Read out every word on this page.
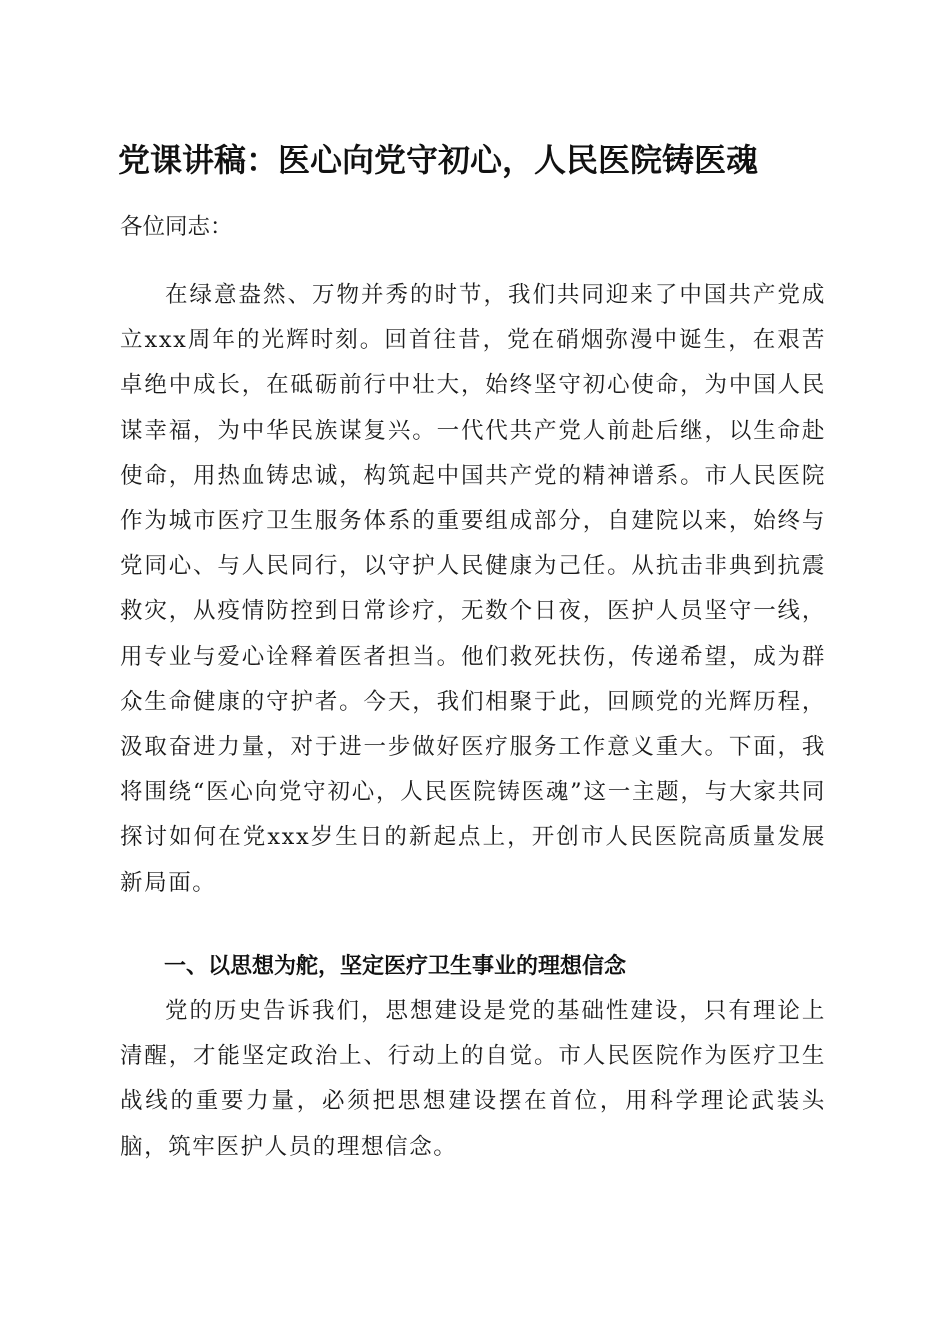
党课讲稿：医心向党守初心，人民医院铸医魂

各位同志：

在绿意盎然、万物并秀的时节，我们共同迎来了中国共产党成立xxx周年的光辉时刻。回首往昔，党在硝烟弥漫中诞生，在艰苦卓绝中成长，在砥砺前行中壮大，始终坚守初心使命，为中国人民谋幸福，为中华民族谋复兴。一代代共产党人前赴后继，以生命赴使命，用热血铸忠诚，构筑起中国共产党的精神谱系。市人民医院作为城市医疗卫生服务体系的重要组成部分，自建院以来，始终与党同心、与人民同行，以守护人民健康为己任。从抗击非典到抗震救灾，从疫情防控到日常诊疗，无数个日夜，医护人员坚守一线，用专业与爱心诠释着医者担当。他们救死扶伤，传递希望，成为群众生命健康的守护者。今天，我们相聚于此，回顾党的光辉历程，汲取奋进力量，对于进一步做好医疗服务工作意义重大。下面，我将围绕“医心向党守初心，人民医院铸医魂”这一主题，与大家共同探讨如何在党xxx岁生日的新起点上，开创市人民医院高质量发展新局面。

一、以思想为舵，坚定医疗卫生事业的理想信念

党的历史告诉我们，思想建设是党的基础性建设，只有理论上清醒，才能坚定政治上、行动上的自觉。市人民医院作为医疗卫生战线的重要力量，必须把思想建设摆在首位，用科学理论武装头脑，筑牢医护人员的理想信念。
